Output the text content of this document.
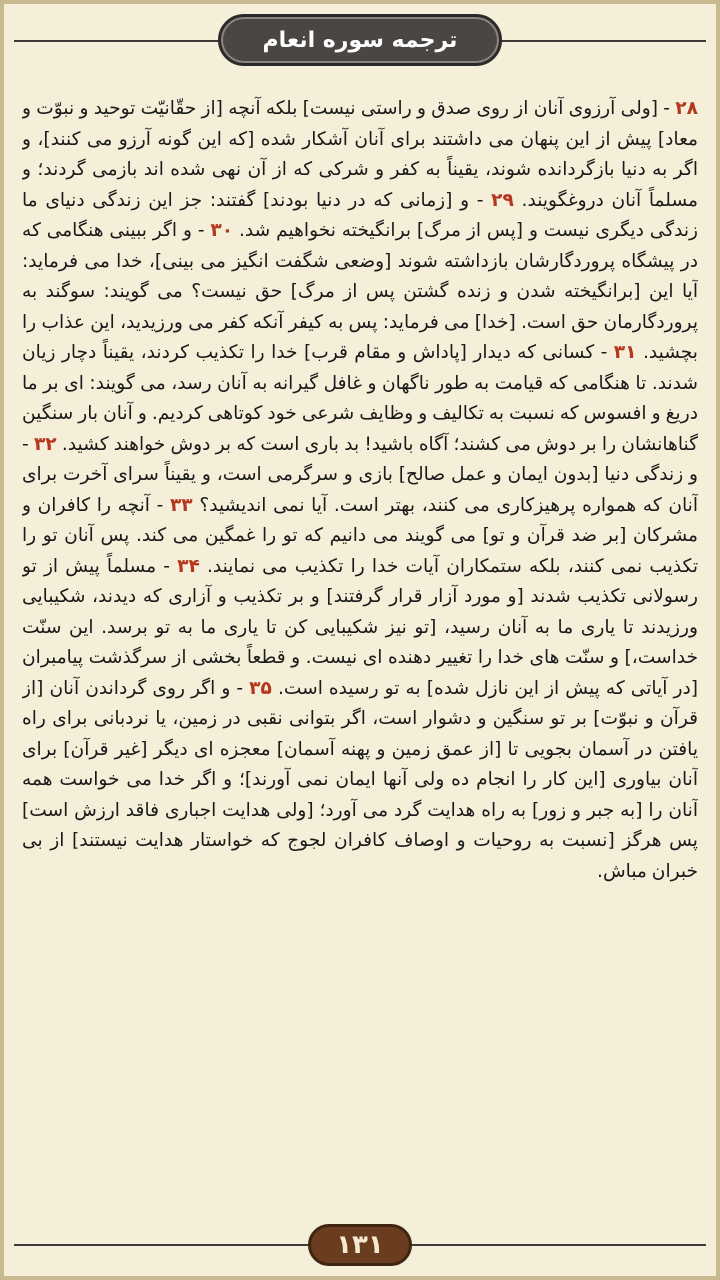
ترجمه سوره انعام
۲۸ - [ولی آرزوی آنان از روی صدق و راستی نیست] بلکه آنچه [از حقّانیّت توحید و نبوّت و معاد] پیش از این پنهان می داشتند برای آنان آشکار شده [که این گونه آرزو می کنند]، و اگر به دنیا بازگردانده شوند، یقیناً به کفر و شرکی که از آن نهی شده اند بازمی گردند؛ و مسلماً آنان دروغگویند. ۲۹ - و [زمانی که در دنیا بودند] گفتند: جز این زندگی دنیای ما زندگی دیگری نیست و [پس از مرگ] برانگیخته نخواهیم شد. ۳۰ - و اگر ببینی هنگامی که در پیشگاه پروردگارشان بازداشته شوند [وضعی شگفت انگیز می بینی]، خدا می فرماید: آیا این [برانگیخته شدن و زنده گشتن پس از مرگ] حق نیست؟ می گویند: سوگند به پروردگارمان حق است. [خدا] می فرماید: پس به کیفر آنکه کفر می ورزیدید، این عذاب را بچشید. ۳۱ - کسانی که دیدار [پاداش و مقام قرب] خدا را تکذیب کردند، یقیناً دچار زیان شدند. تا هنگامی که قیامت به طور ناگهان و غافل گیرانه به آنان رسد، می گویند: ای بر ما دریغ و افسوس که نسبت به تکالیف و وظایف شرعی خود کوتاهی کردیم. و آنان بار سنگین گناهانشان را بر دوش می کشند؛ آگاه باشید! بد باری است که بر دوش خواهند کشید. ۳۲ - و زندگی دنیا [بدون ایمان و عمل صالح] بازی و سرگرمی است، و یقیناً سرای آخرت برای آنان که همواره پرهیزکاری می کنند، بهتر است. آیا نمی اندیشید؟ ۳۳ - آنچه را کافران و مشرکان [بر ضد قرآن و تو] می گویند می دانیم که تو را غمگین می کند. پس آنان تو را تکذیب نمی کنند، بلکه ستمکاران آیات خدا را تکذیب می نمایند. ۳۴ - مسلماً پیش از تو رسولانی تکذیب شدند [و مورد آزار قرار گرفتند] و بر تکذیب و آزاری که دیدند، شکیبایی ورزیدند تا یاری ما به آنان رسید، [تو نیز شکیبایی کن تا یاری ما به تو برسد. این سنّت خداست،] و سنّت های خدا را تغییر دهنده ای نیست. و قطعاً بخشی از سرگذشت پیامبران [در آیاتی که پیش از این نازل شده] به تو رسیده است. ۳۵ - و اگر روی گرداندن آنان [از قرآن و نبوّت] بر تو سنگین و دشوار است، اگر بتوانی نقبی در زمین، یا نردبانی برای راه یافتن در آسمان بجویی تا [از عمق زمین و پهنه آسمان] معجزه ای دیگر [غیر قرآن] برای آنان بیاوری [این کار را انجام ده ولی آنها ایمان نمی آورند]؛ و اگر خدا می خواست همه آنان را [به جبر و زور] به راه هدایت گرد می آورد؛ [ولی هدایت اجباری فاقد ارزش است] پس هرگز [نسبت به روحیات و اوصاف کافران لجوج که خواستار هدایت نیستند] از بی خبران مباش.
۱۳۱
